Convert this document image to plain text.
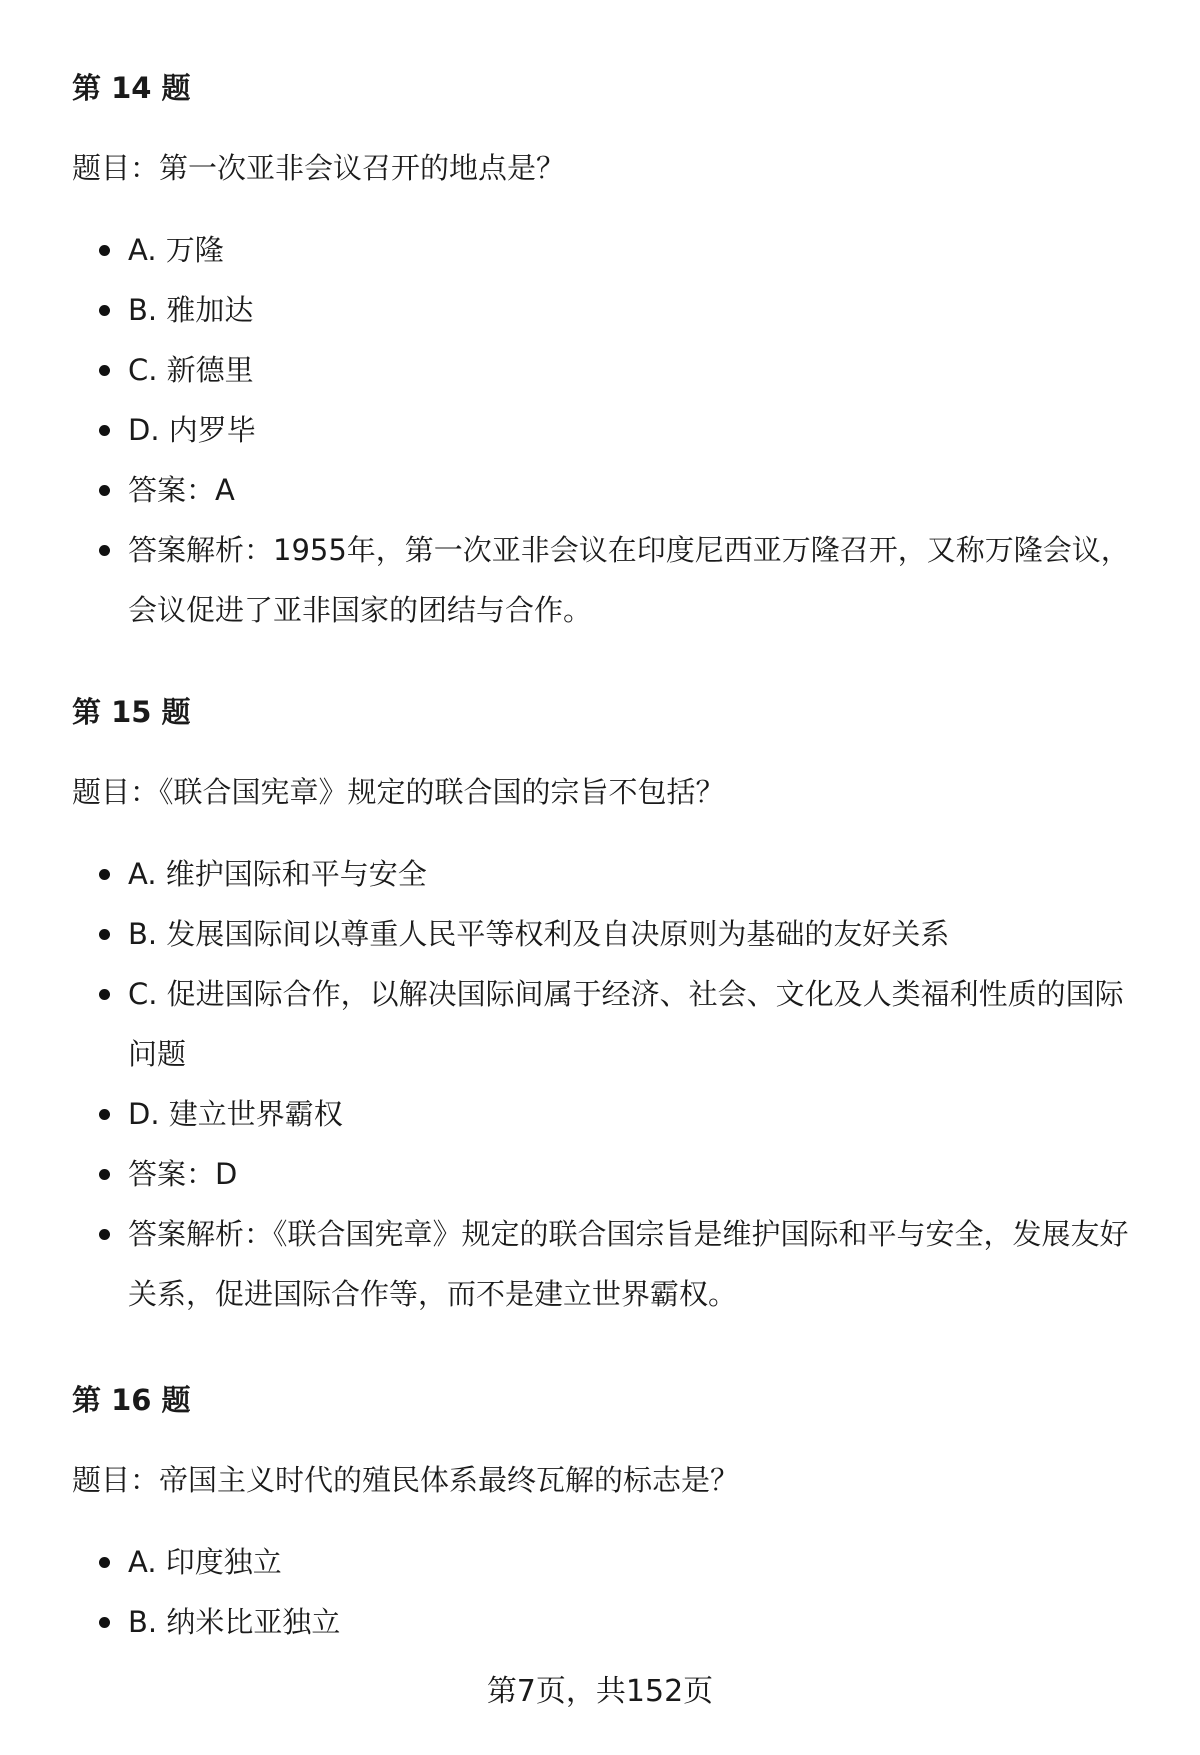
第 14 题
题目：第一次亚非会议召开的地点是？
A. 万隆
B. 雅加达
C. 新德里
D. 内罗毕
答案：A
答案解析：1955年，第一次亚非会议在印度尼西亚万隆召开，又称万隆会议，会议促进了亚非国家的团结与合作。
第 15 题
题目：《联合国宪章》规定的联合国的宗旨不包括？
A. 维护国际和平与安全
B. 发展国际间以尊重人民平等权利及自决原则为基础的友好关系
C. 促进国际合作，以解决国际间属于经济、社会、文化及人类福利性质的国际问题
D. 建立世界霸权
答案：D
答案解析：《联合国宪章》规定的联合国宗旨是维护国际和平与安全，发展友好关系，促进国际合作等，而不是建立世界霸权。
第 16 题
题目：帝国主义时代的殖民体系最终瓦解的标志是？
A. 印度独立
B. 纳米比亚独立
第7页，共152页
